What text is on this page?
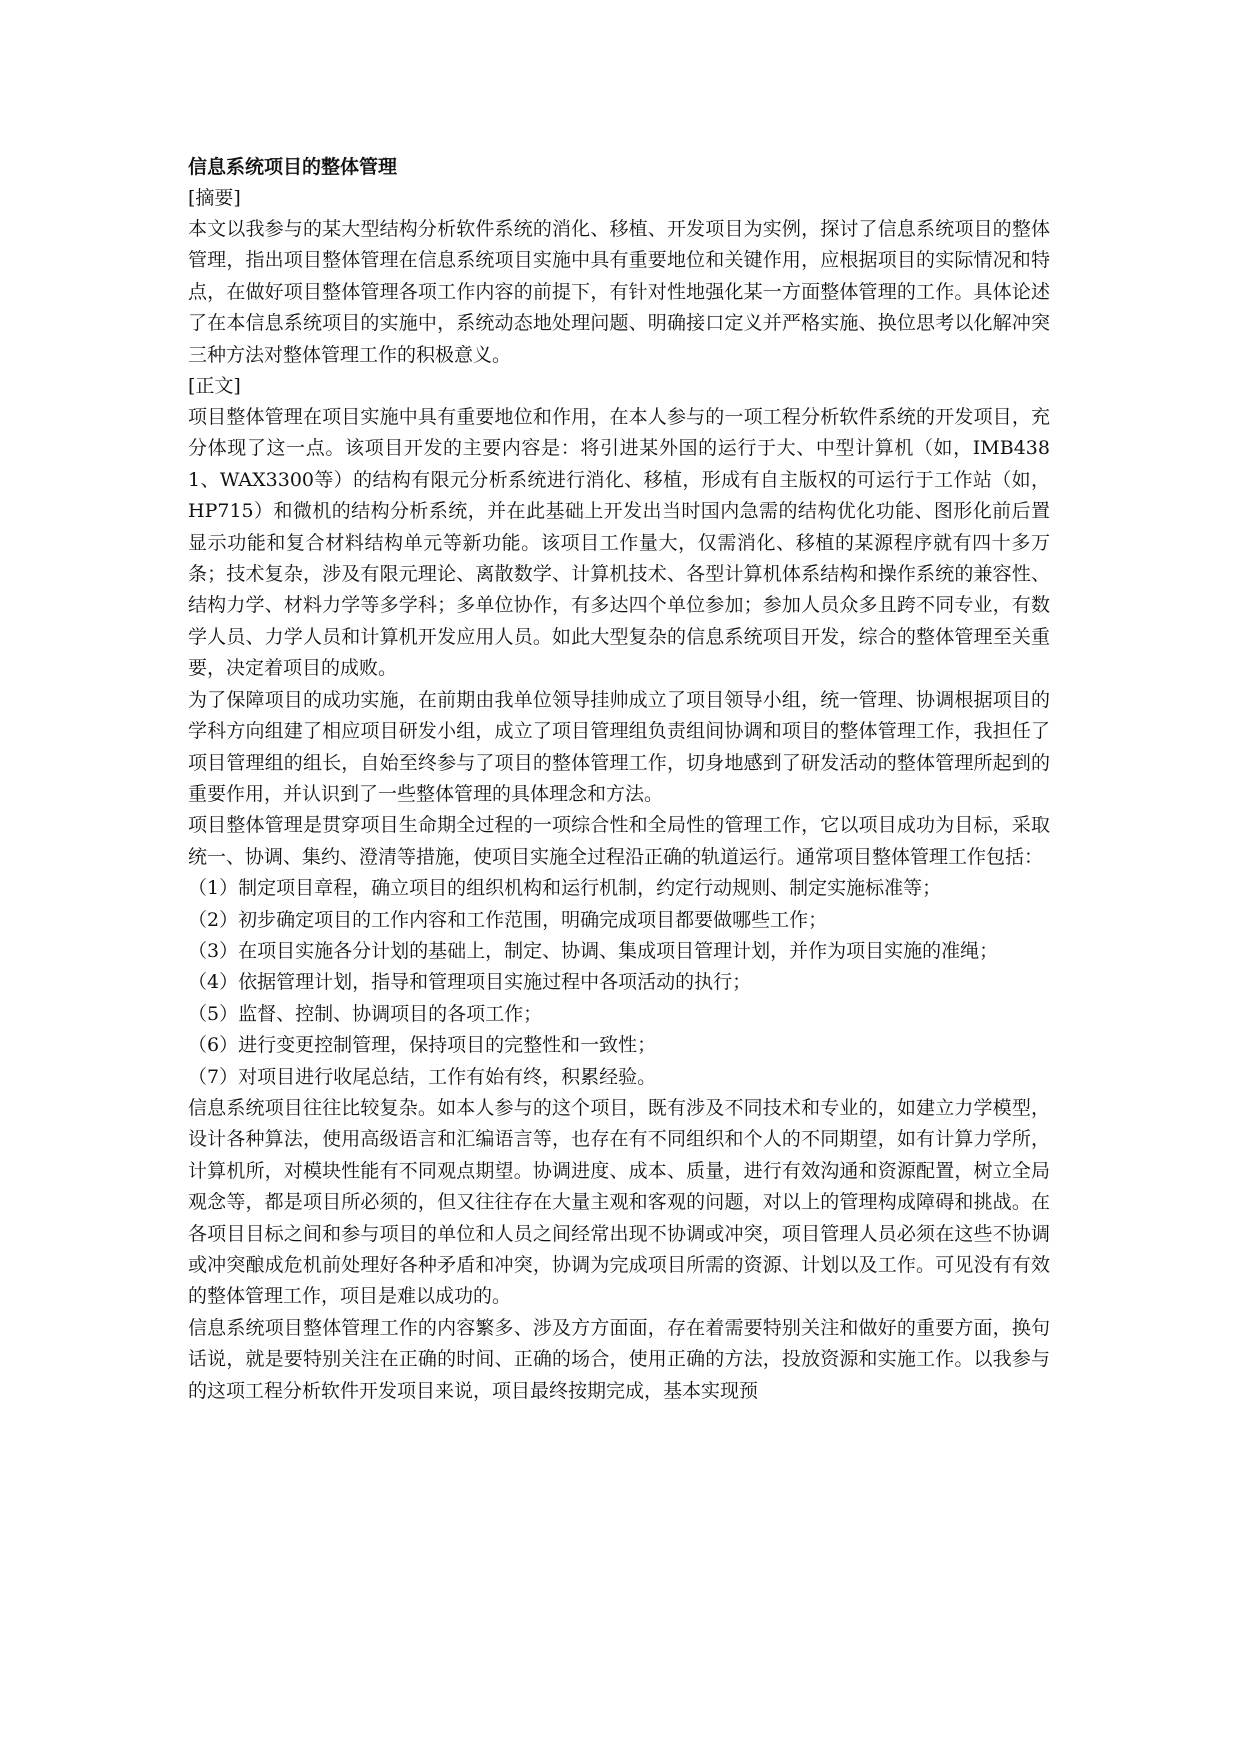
信息系统项目的整体管理

[摘要]

本文以我参与的某大型结构分析软件系统的消化、移植、开发项目为实例，探讨了信息系统项目的整体管理，指出项目整体管理在信息系统项目实施中具有重要地位和关键作用，应根据项目的实际情况和特点，在做好项目整体管理各项工作内容的前提下，有针对性地强化某一方面整体管理的工作。具体论述了在本信息系统项目的实施中，系统动态地处理问题、明确接口定义并严格实施、换位思考以化解冲突三种方法对整体管理工作的积极意义。

[正文]

项目整体管理在项目实施中具有重要地位和作用，在本人参与的一项工程分析软件系统的开发项目，充分体现了这一点。该项目开发的主要内容是：将引进某外国的运行于大、中型计算机（如，IMB4381、WAX3300等）的结构有限元分析系统进行消化、移植，形成有自主版权的可运行于工作站（如，HP715）和微机的结构分析系统，并在此基础上开发出当时国内急需的结构优化功能、图形化前后置显示功能和复合材料结构单元等新功能。该项目工作量大，仅需消化、移植的某源程序就有四十多万条；技术复杂，涉及有限元理论、离散数学、计算机技术、各型计算机体系结构和操作系统的兼容性、结构力学、材料力学等多学科；多单位协作，有多达四个单位参加；参加人员众多且跨不同专业，有数学人员、力学人员和计算机开发应用人员。如此大型复杂的信息系统项目开发，综合的整体管理至关重要，决定着项目的成败。

为了保障项目的成功实施，在前期由我单位领导挂帅成立了项目领导小组，统一管理、协调根据项目的学科方向组建了相应项目研发小组，成立了项目管理组负责组间协调和项目的整体管理工作，我担任了项目管理组的组长，自始至终参与了项目的整体管理工作，切身地感到了研发活动的整体管理所起到的重要作用，并认识到了一些整体管理的具体理念和方法。

项目整体管理是贯穿项目生命期全过程的一项综合性和全局性的管理工作，它以项目成功为目标，采取统一、协调、集约、澄清等措施，使项目实施全过程沿正确的轨道运行。通常项目整体管理工作包括：

（1）制定项目章程，确立项目的组织机构和运行机制，约定行动规则、制定实施标准等；
（2）初步确定项目的工作内容和工作范围，明确完成项目都要做哪些工作；
（3）在项目实施各分计划的基础上，制定、协调、集成项目管理计划，并作为项目实施的准绳；
（4）依据管理计划，指导和管理项目实施过程中各项活动的执行；
（5）监督、控制、协调项目的各项工作；
（6）进行变更控制管理，保持项目的完整性和一致性；
（7）对项目进行收尾总结，工作有始有终，积累经验。

信息系统项目往往比较复杂。如本人参与的这个项目，既有涉及不同技术和专业的，如建立力学模型，设计各种算法，使用高级语言和汇编语言等，也存在有不同组织和个人的不同期望，如有计算力学所，计算机所，对模块性能有不同观点期望。协调进度、成本、质量，进行有效沟通和资源配置，树立全局观念等，都是项目所必须的，但又往往存在大量主观和客观的问题，对以上的管理构成障碍和挑战。在各项目目标之间和参与项目的单位和人员之间经常出现不协调或冲突，项目管理人员必须在这些不协调或冲突酿成危机前处理好各种矛盾和冲突，协调为完成项目所需的资源、计划以及工作。可见没有有效的整体管理工作，项目是难以成功的。

信息系统项目整体管理工作的内容繁多、涉及方方面面，存在着需要特别关注和做好的重要方面，换句话说，就是要特别关注在正确的时间、正确的场合，使用正确的方法，投放资源和实施工作。以我参与的这项工程分析软件开发项目来说，项目最终按期完成，基本实现预
